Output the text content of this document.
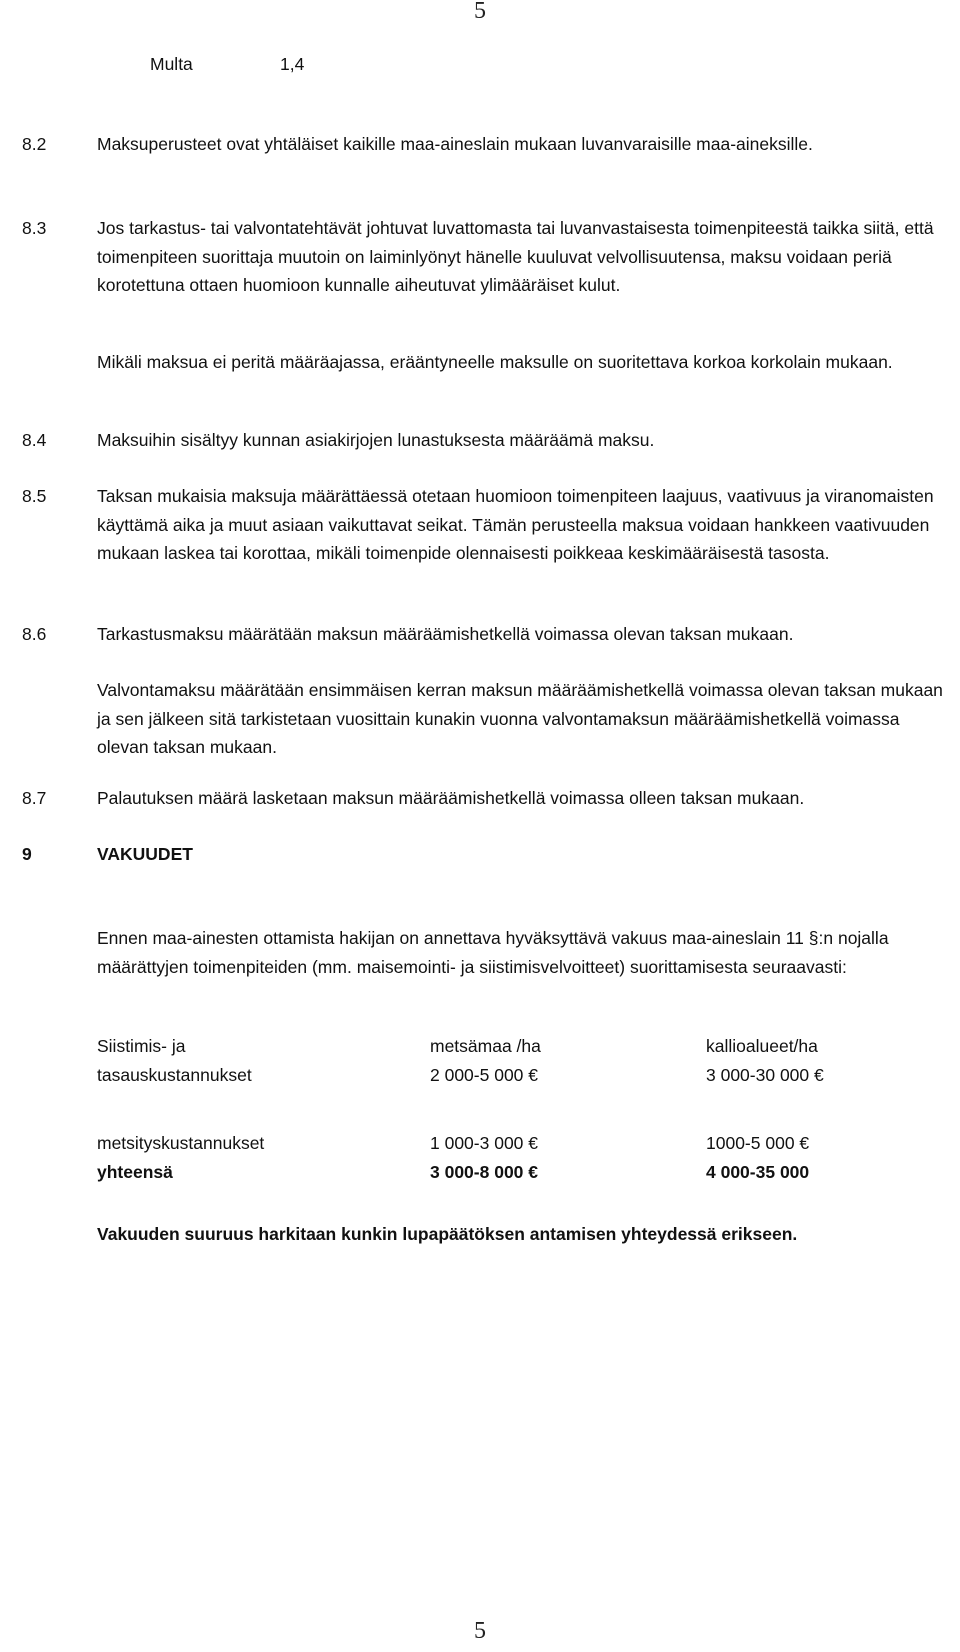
5
Multa	1,4
8.2	Maksuperusteet ovat yhtäläiset kaikille maa-aineslain mukaan luvanvaraisille maa-aineksille.

8.3	Jos tarkastus- tai valvontatehtävät johtuvat luvattomasta tai luvanvastaisesta toimenpiteestä taikka siitä, että toimenpiteen suorittaja muutoin on laiminlyönyt hänelle kuuluvat velvollisuutensa, maksu voidaan periä korotettuna ottaen huomioon kunnalle aiheutuvat ylimääräiset kulut.

Mikäli maksua ei peritä määräajassa, erääntyneelle maksulle on suoritettava korkoa korkolain mukaan.

8.4	Maksuihin sisältyy kunnan asiakirjojen lunastuksesta määräämä maksu.

8.5	Taksan mukaisia maksuja määrättäessä otetaan huomioon toimenpiteen laajuus, vaativuus ja viranomaisten käyttämä aika ja muut asiaan vaikuttavat seikat. Tämän perusteella maksua voidaan hankkeen vaativuuden mukaan laskea tai korottaa, mikäli toimenpide olennaisesti poikkeaa keskimääräisestä tasosta.

8.6	Tarkastusmaksu määrätään maksun määräämishetkellä voimassa olevan taksan mukaan.

Valvontamaksu määrätään ensimmäisen kerran maksun määräämishetkellä voimassa olevan taksan mukaan ja sen jälkeen sitä tarkistetaan vuosittain kunakin vuonna valvontamaksun määräämishetkellä voimassa olevan taksan mukaan.

8.7	Palautuksen määrä lasketaan maksun määräämishetkellä voimassa olleen taksan mukaan.

9	VAKUUDET

Ennen maa-ainesten ottamista hakijan on annettava hyväksyttävä vakuus maa-aineslain 11 §:n nojalla määrättyjen toimenpiteiden (mm. maisemointi- ja siistimisvelvoitteet) suorittamisesta seuraavasti:

Siistimis- ja	metsämaa /ha	kallioalueet/ha
tasauskustannukset	2 000-5 000 €	3 000-30 000 €
metsityskustannukset	1 000-3 000 €	1000-5 000 €
yhteensä	3 000-8 000 €	4 000-35 000

Vakuuden suuruus harkitaan kunkin lupapäätöksen antamisen yhteydessä erikseen.

5
